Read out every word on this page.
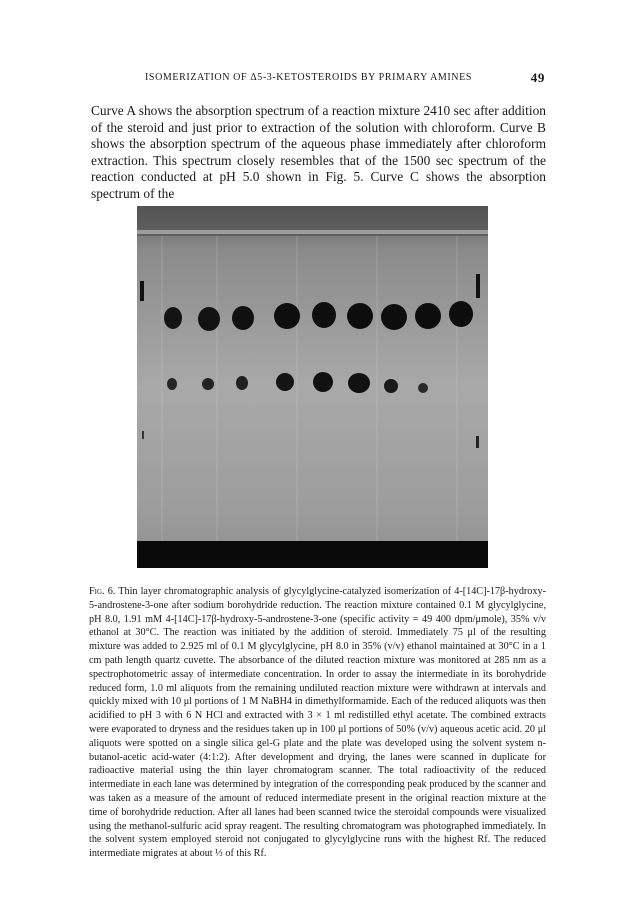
ISOMERIZATION OF Δ5-3-KETOSTEROIDS BY PRIMARY AMINES	49

Curve A shows the absorption spectrum of a reaction mixture 2410 sec after addition of the steroid and just prior to extraction of the solution with chloroform. Curve B shows the absorption spectrum of the aqueous phase immediately after chloroform extraction. This spectrum closely resembles that of the 1500 sec spectrum of the reaction conducted at pH 5.0 shown in Fig. 5. Curve C shows the absorption spectrum of the

Fig. 6. Thin layer chromatographic analysis of glycylglycine-catalyzed isomerization of 4-[14C]-17β-hydroxy-5-androstene-3-one after sodium borohydride reduction. The reaction mixture contained 0.1 M glycylglycine, pH 8.0, 1.91 mM 4-[14C]-17β-hydroxy-5-androstene-3-one (specific activity = 49 400 dpm/μmole), 35% v/v ethanol at 30°C. The reaction was initiated by the addition of steroid. Immediately 75 μl of the resulting mixture was added to 2.925 ml of 0.1 M glycylglycine, pH 8.0 in 35% (v/v) ethanol maintained at 30°C in a 1 cm path length quartz cuvette. The absorbance of the diluted reaction mixture was monitored at 285 nm as a spectrophotometric assay of intermediate concentration. In order to assay the intermediate in its borohydride reduced form, 1.0 ml aliquots from the remaining undiluted reaction mixture were withdrawn at intervals and quickly mixed with 10 μl portions of 1 M NaBH4 in dimethylformamide. Each of the reduced aliquots was then acidified to pH 3 with 6 N HCl and extracted with 3 × 1 ml redistilled ethyl acetate. The combined extracts were evaporated to dryness and the residues taken up in 100 μl portions of 50% (v/v) aqueous acetic acid. 20 μl aliquots were spotted on a single silica gel-G plate and the plate was developed using the solvent system n-butanol-acetic acid-water (4:1:2). After development and drying, the lanes were scanned in duplicate for radioactive material using the thin layer chromatogram scanner. The total radioactivity of the reduced intermediate in each lane was determined by integration of the corresponding peak produced by the scanner and was taken as a measure of the amount of reduced intermediate present in the original reaction mixture at the time of borohydride reduction. After all lanes had been scanned twice the steroidal compounds were visualized using the methanol-sulfuric acid spray reagent. The resulting chromatogram was photographed immediately. In the solvent system employed steroid not conjugated to glycylglycine runs with the highest Rf. The reduced intermediate migrates at about ⅓ of this Rf.
